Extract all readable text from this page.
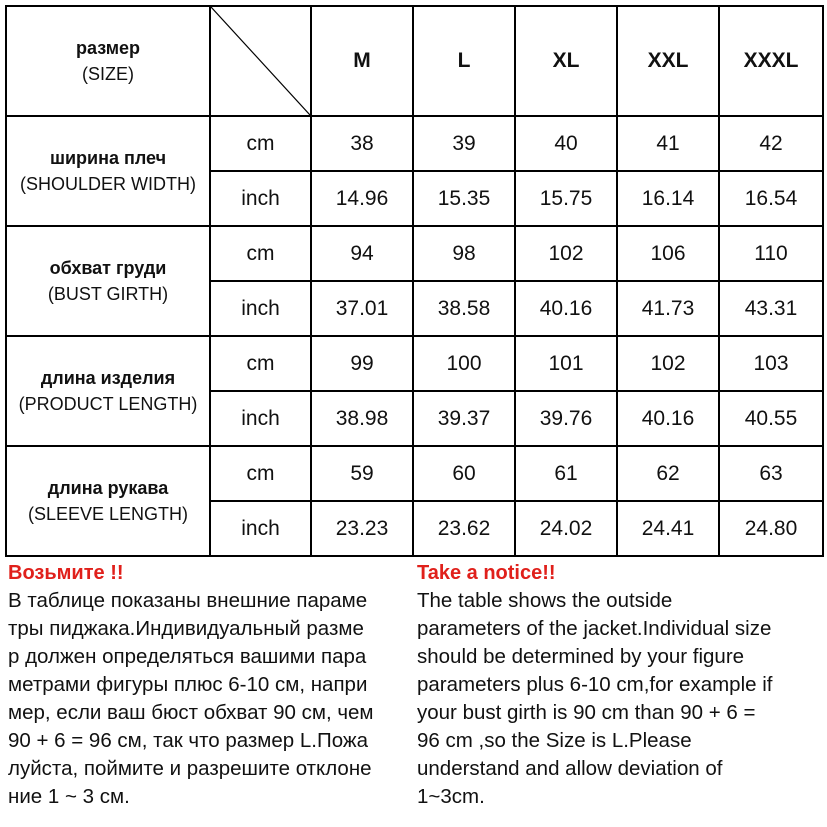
размер
(SIZE)		M	L	XL	XXL	XXXL

ширина плеч
(SHOULDER WIDTH)	cm	38	39	40	41	42
	inch	14.96	15.35	15.75	16.14	16.54

обхват груди
(BUST GIRTH)	cm	94	98	102	106	110
	inch	37.01	38.58	40.16	41.73	43.31

длина изделия
(PRODUCT LENGTH)	cm	99	100	101	102	103
	inch	38.98	39.37	39.76	40.16	40.55

длина рукава
(SLEEVE LENGTH)	cm	59	60	61	62	63
	inch	23.23	23.62	24.02	24.41	24.80
Возьмите !!
В таблице показаны внешние параме
тры пиджака.Индивидуальный разме
р должен определяться вашими пара
метрами фигуры плюс 6-10 см, напри
мер, если ваш бюст обхват 90 см, чем
90 + 6 = 96 см, так что размер L.Пожа
луйста, поймите и разрешите отклоне
ние 1 ~ 3 см.
Take a notice!!
The table shows the outside
parameters of the jacket.Individual size
should be determined by your figure
parameters plus 6-10 cm,for example if
your bust girth is 90 cm than 90 + 6 =
96 cm ,so the Size is L.Please
understand and allow deviation of
1~3cm.
